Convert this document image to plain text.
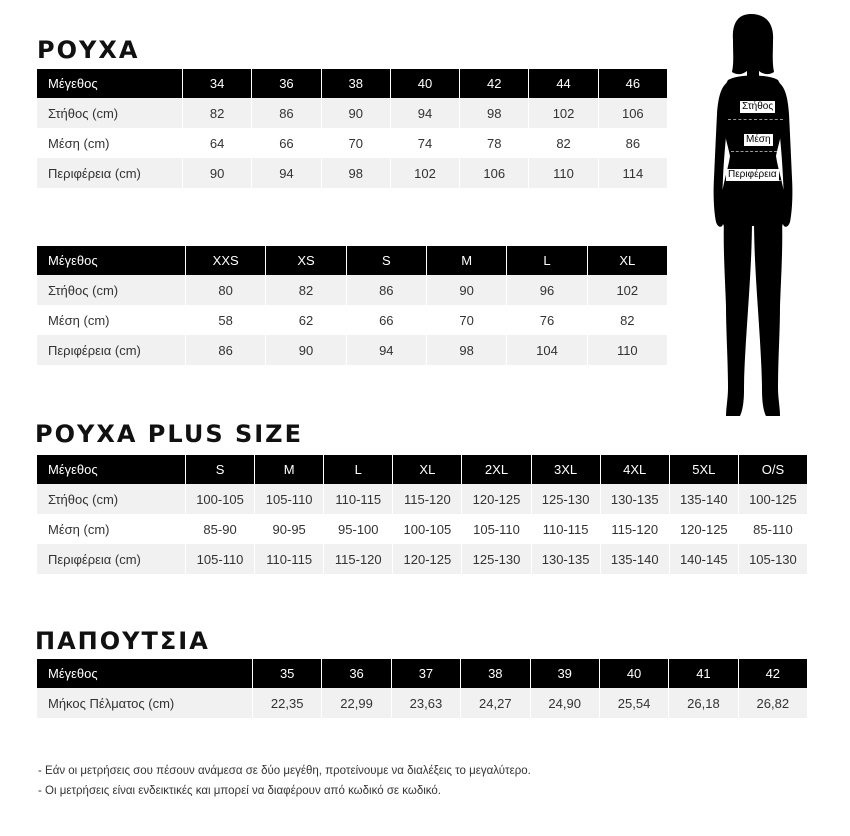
ΡΟΥΧΑ
Μέγεθος	34	36	38	40	42	44	46
Στήθος (cm)	82	86	90	94	98	102	106
Μέση (cm)	64	66	70	74	78	82	86
Περιφέρεια (cm)	90	94	98	102	106	110	114
Μέγεθος	XXS	XS	S	M	L	XL
Στήθος (cm)	80	82	86	90	96	102
Μέση (cm)	58	62	66	70	76	82
Περιφέρεια (cm)	86	90	94	98	104	110
ΡΟΥΧΑ PLUS SIZE
Μέγεθος	S	M	L	XL	2XL	3XL	4XL	5XL	O/S
Στήθος (cm)	100-105	105-110	110-115	115-120	120-125	125-130	130-135	135-140	100-125
Μέση (cm)	85-90	90-95	95-100	100-105	105-110	110-115	115-120	120-125	85-110
Περιφέρεια (cm)	105-110	110-115	115-120	120-125	125-130	130-135	135-140	140-145	105-130
ΠΑΠΟΥΤΣΙΑ
Μέγεθος	35	36	37	38	39	40	41	42
Μήκος Πέλματος (cm)	22,35	22,99	23,63	24,27	24,90	25,54	26,18	26,82
Στήθος
Μέση
Περιφέρεια

- Εάν οι μετρήσεις σου πέσουν ανάμεσα σε δύο μεγέθη, προτείνουμε να διαλέξεις το μεγαλύτερο.

- Οι μετρήσεις είναι ενδεικτικές και μπορεί να διαφέρουν από κωδικό σε κωδικό.
